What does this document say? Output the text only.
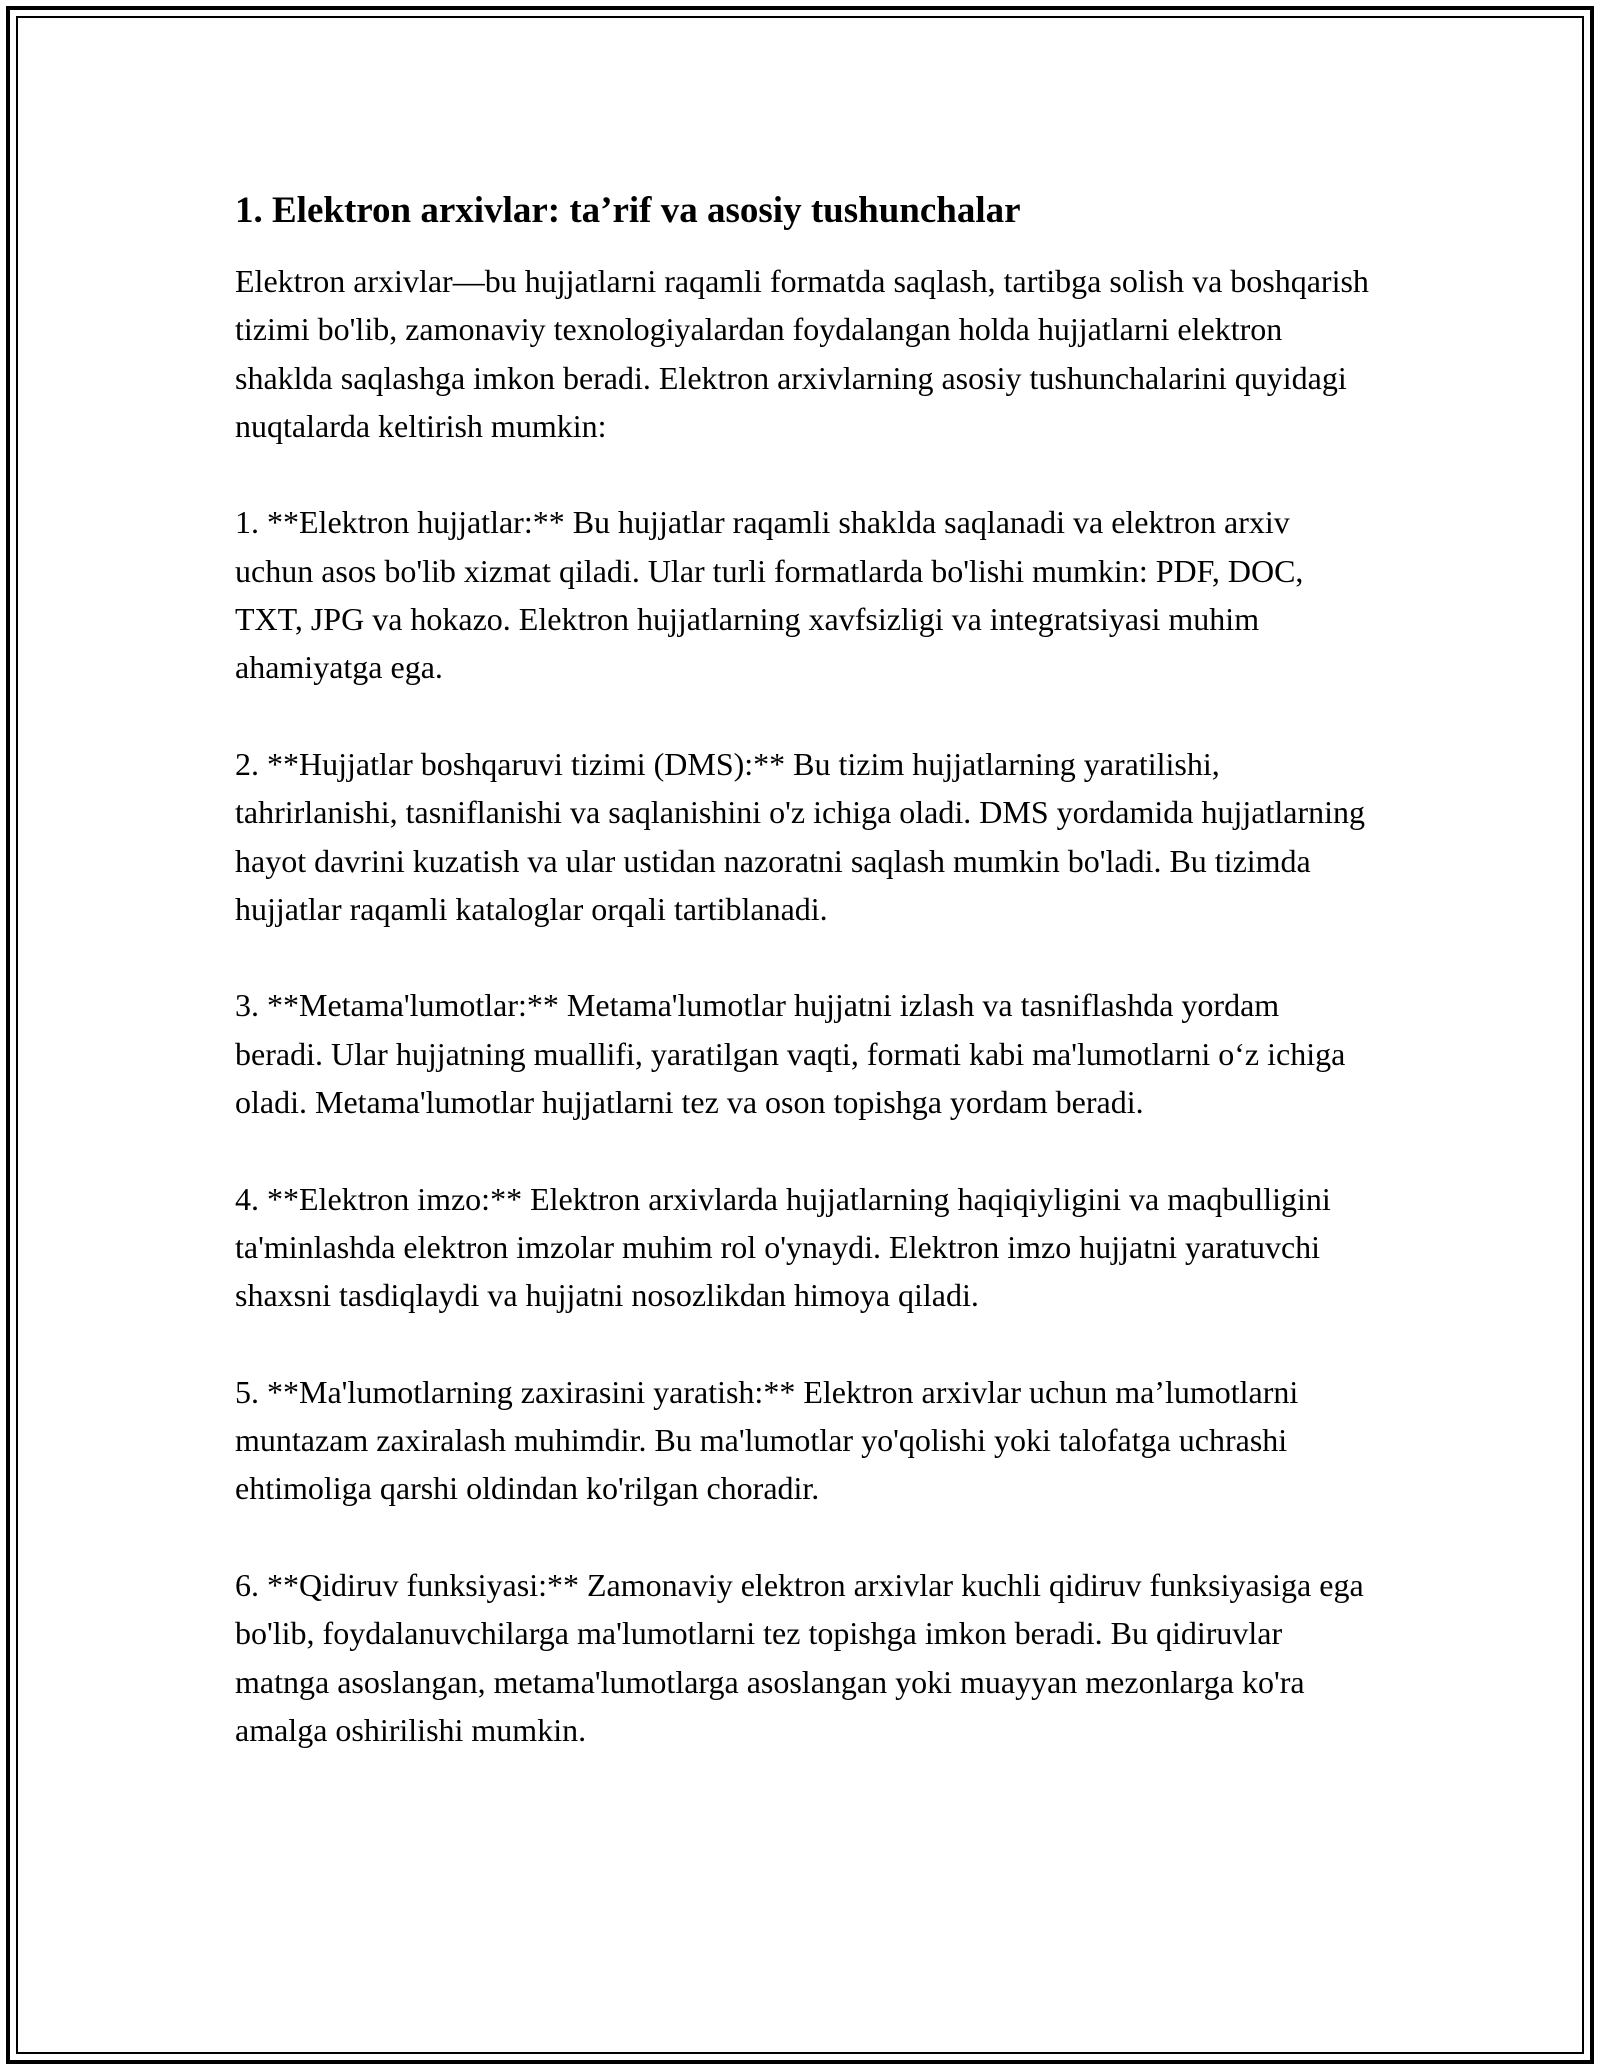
1. Elektron arxivlar: ta’rif va asosiy tushunchalar

Elektron arxivlar—bu hujjatlarni raqamli formatda saqlash, tartibga solish va boshqarish tizimi bo'lib, zamonaviy texnologiyalardan foydalangan holda hujjatlarni elektron shaklda saqlashga imkon beradi. Elektron arxivlarning asosiy tushunchalarini quyidagi nuqtalarda keltirish mumkin:

1. **Elektron hujjatlar:** Bu hujjatlar raqamli shaklda saqlanadi va elektron arxiv uchun asos bo'lib xizmat qiladi. Ular turli formatlarda bo'lishi mumkin: PDF, DOC, TXT, JPG va hokazo. Elektron hujjatlarning xavfsizligi va integratsiyasi muhim ahamiyatga ega.

2. **Hujjatlar boshqaruvi tizimi (DMS):** Bu tizim hujjatlarning yaratilishi, tahrirlanishi, tasniflanishi va saqlanishini o'z ichiga oladi. DMS yordamida hujjatlarning hayot davrini kuzatish va ular ustidan nazoratni saqlash mumkin bo'ladi. Bu tizimda hujjatlar raqamli kataloglar orqali tartiblanadi.

3. **Metama'lumotlar:** Metama'lumotlar hujjatni izlash va tasniflashda yordam beradi. Ular hujjatning muallifi, yaratilgan vaqti, formati kabi ma'lumotlarni o‘z ichiga oladi. Metama'lumotlar hujjatlarni tez va oson topishga yordam beradi.

4. **Elektron imzo:** Elektron arxivlarda hujjatlarning haqiqiyligini va maqbulligini ta'minlashda elektron imzolar muhim rol o'ynaydi. Elektron imzo hujjatni yaratuvchi shaxsni tasdiqlaydi va hujjatni nosozlikdan himoya qiladi.

5. **Ma'lumotlarning zaxirasini yaratish:** Elektron arxivlar uchun ma’lumotlarni muntazam zaxiralash muhimdir. Bu ma'lumotlar yo'qolishi yoki talofatga uchrashi ehtimoliga qarshi oldindan ko'rilgan choradir.

6. **Qidiruv funksiyasi:** Zamonaviy elektron arxivlar kuchli qidiruv funksiyasiga ega bo'lib, foydalanuvchilarga ma'lumotlarni tez topishga imkon beradi. Bu qidiruvlar matnga asoslangan, metama'lumotlarga asoslangan yoki muayyan mezonlarga ko'ra amalga oshirilishi mumkin.
